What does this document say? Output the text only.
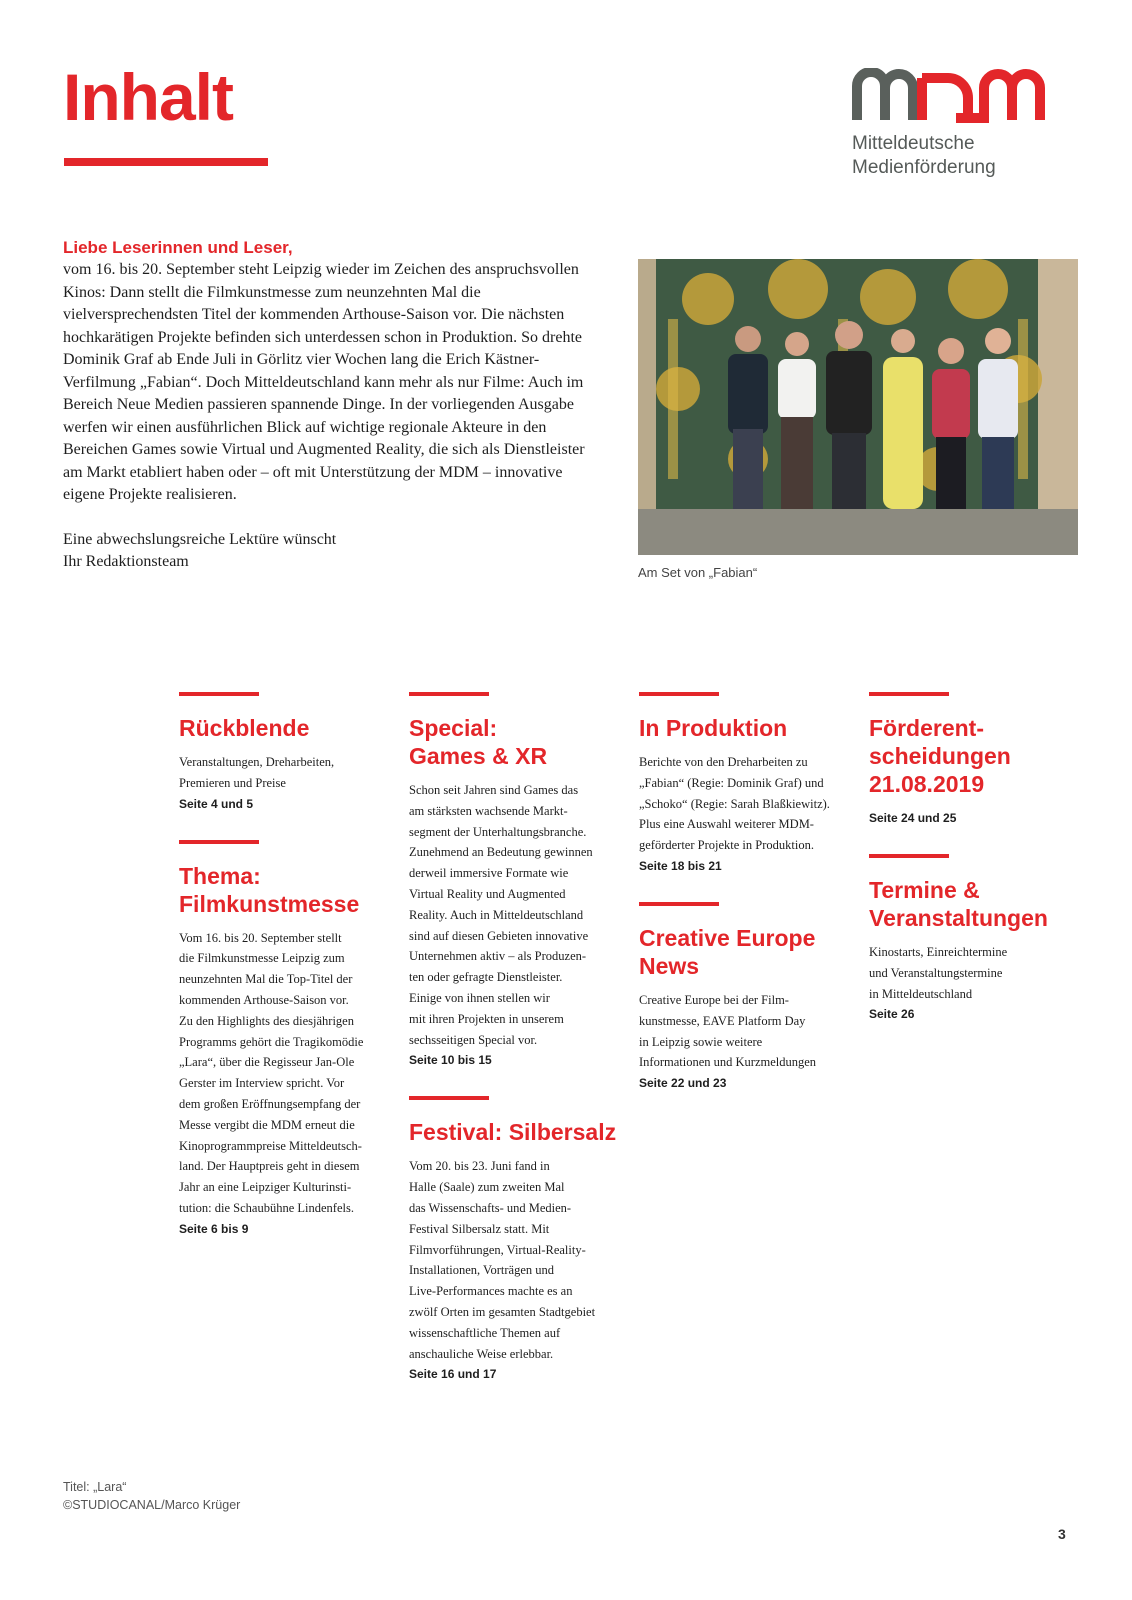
Inhalt
Mitteldeutsche
Medienförderung
Liebe Leserinnen und Leser,

vom 16. bis 20. September steht Leipzig wieder im Zeichen des anspruchsvollen Kinos: Dann stellt die Filmkunstmesse zum neunzehnten Mal die vielversprechendsten Titel der kommenden Arthouse-Saison vor. Die nächsten hochkarätigen Projekte befinden sich unterdessen schon in Produktion. So drehte Dominik Graf ab Ende Juli in Görlitz vier Wochen lang die Erich Kästner-Verfilmung „Fabian“. Doch Mitteldeutschland kann mehr als nur Filme: Auch im Bereich Neue Medien passieren spannende Dinge. In der vorliegenden Ausgabe werfen wir einen ausführlichen Blick auf wichtige regionale Akteure in den Bereichen Games sowie Virtual und Augmented Reality, die sich als Dienstleister am Markt etabliert haben oder – oft mit Unterstützung der MDM – innovative eigene Projekte realisieren.

Eine abwechslungsreiche Lektüre wünscht
Ihr Redaktionsteam
Am Set von „Fabian“
Rückblende

Veranstaltungen, Dreharbeiten,
Premieren und Preise

Seite 4 und 5
Thema:
Filmkunstmesse

Vom 16. bis 20. September stellt
die Filmkunstmesse Leipzig zum
neunzehnten Mal die Top-Titel der
kommenden Arthouse-Saison vor.
Zu den Highlights des diesjährigen
Programms gehört die Tragikomödie
„Lara“, über die Regisseur Jan-Ole
Gerster im Interview spricht. Vor
dem großen Eröffnungsempfang der
Messe vergibt die MDM erneut die
Kinoprogrammpreise Mitteldeutsch-
land. Der Hauptpreis geht in diesem
Jahr an eine Leipziger Kulturinsti-
tution: die Schaubühne Lindenfels.

Seite 6 bis 9
Special:
Games & XR

Schon seit Jahren sind Games das
am stärksten wachsende Markt-
segment der Unterhaltungsbranche.
Zunehmend an Bedeutung gewinnen
derweil immersive Formate wie
Virtual Reality und Augmented
Reality. Auch in Mitteldeutschland
sind auf diesen Gebieten innovative
Unternehmen aktiv – als Produzen-
ten oder gefragte Dienstleister.
Einige von ihnen stellen wir
mit ihren Projekten in unserem
sechsseitigen Special vor.

Seite 10 bis 15
Festival: Silbersalz

Vom 20. bis 23. Juni fand in
Halle (Saale) zum zweiten Mal
das Wissenschafts- und Medien-
Festival Silbersalz statt. Mit
Filmvorführungen, Virtual-Reality-
Installationen, Vorträgen und
Live-Performances machte es an
zwölf Orten im gesamten Stadtgebiet
wissenschaftliche Themen auf
anschauliche Weise erlebbar.

Seite 16 und 17
In Produktion

Berichte von den Dreharbeiten zu
„Fabian“ (Regie: Dominik Graf) und
„Schoko“ (Regie: Sarah Blaßkiewitz).
Plus eine Auswahl weiterer MDM-
geförderter Projekte in Produktion.

Seite 18 bis 21
Creative Europe
News

Creative Europe bei der Film-
kunstmesse, EAVE Platform Day
in Leipzig sowie weitere
Informationen und Kurzmeldungen

Seite 22 und 23
Förderent-
scheidungen
21.08.2019
Seite 24 und 25
Termine &
Veranstaltungen

Kinostarts, Einreichtermine
und Veranstaltungstermine
in Mitteldeutschland

Seite 26
Titel: „Lara“
©STUDIOCANAL/Marco Krüger
3
